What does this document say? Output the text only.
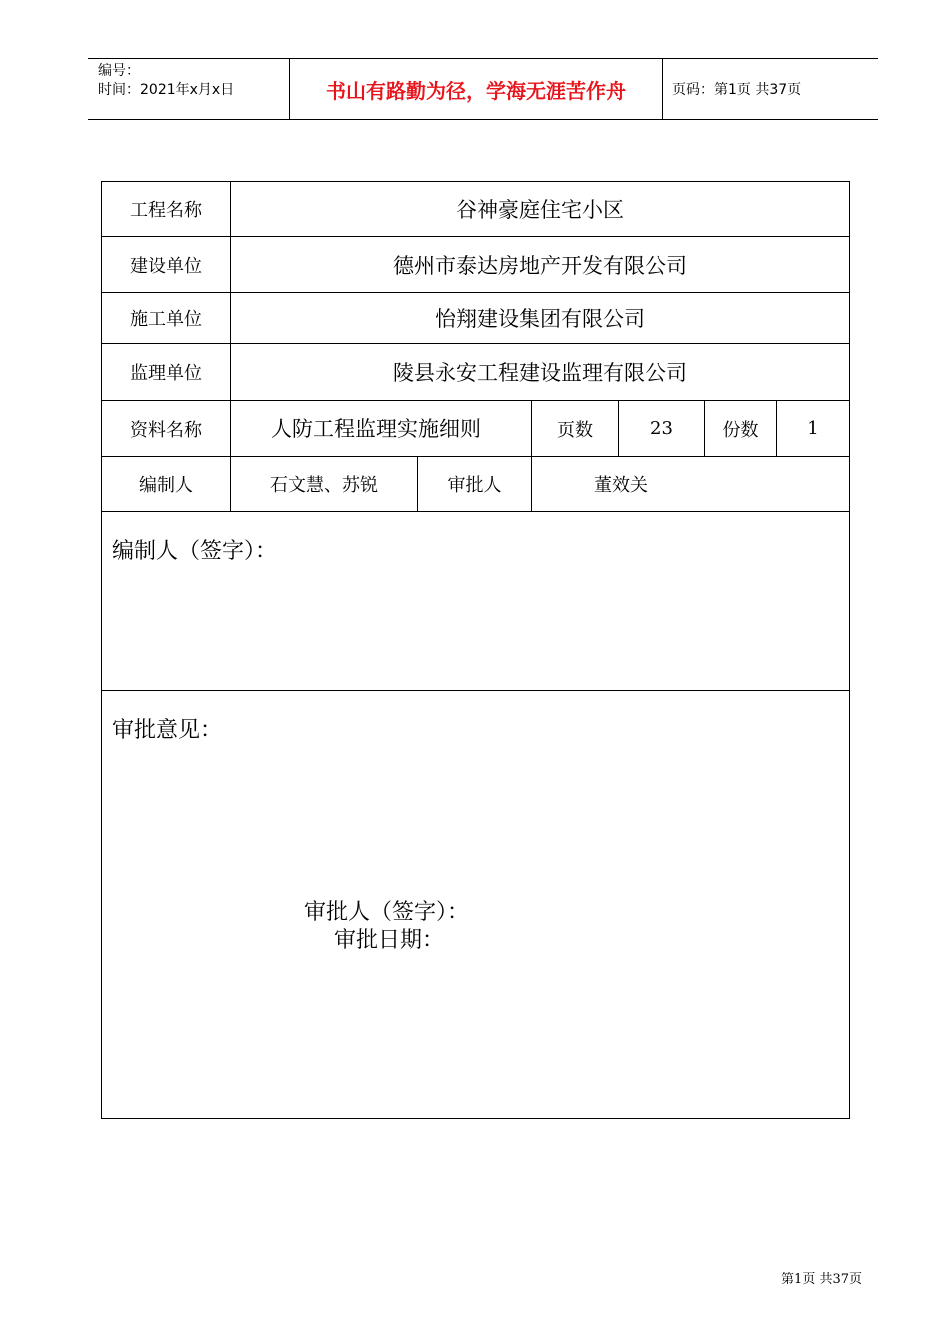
编号：
时间：2021年x月x日	书山有路勤为径，学海无涯苦作舟	页码：第1页 共37页
工程名称	谷神豪庭住宅小区					
建设单位	德州市泰达房地产开发有限公司					
施工单位	怡翔建设集团有限公司					
监理单位	陵县永安工程建设监理有限公司					
资料名称	人防工程监理实施细则		页数	23	份数	1
编制人	石文慧、苏锐	审批人	董效关			

编制人（签字）：						

审批意见：
审批人（签字）：
审批日期：						
第1页 共37页
